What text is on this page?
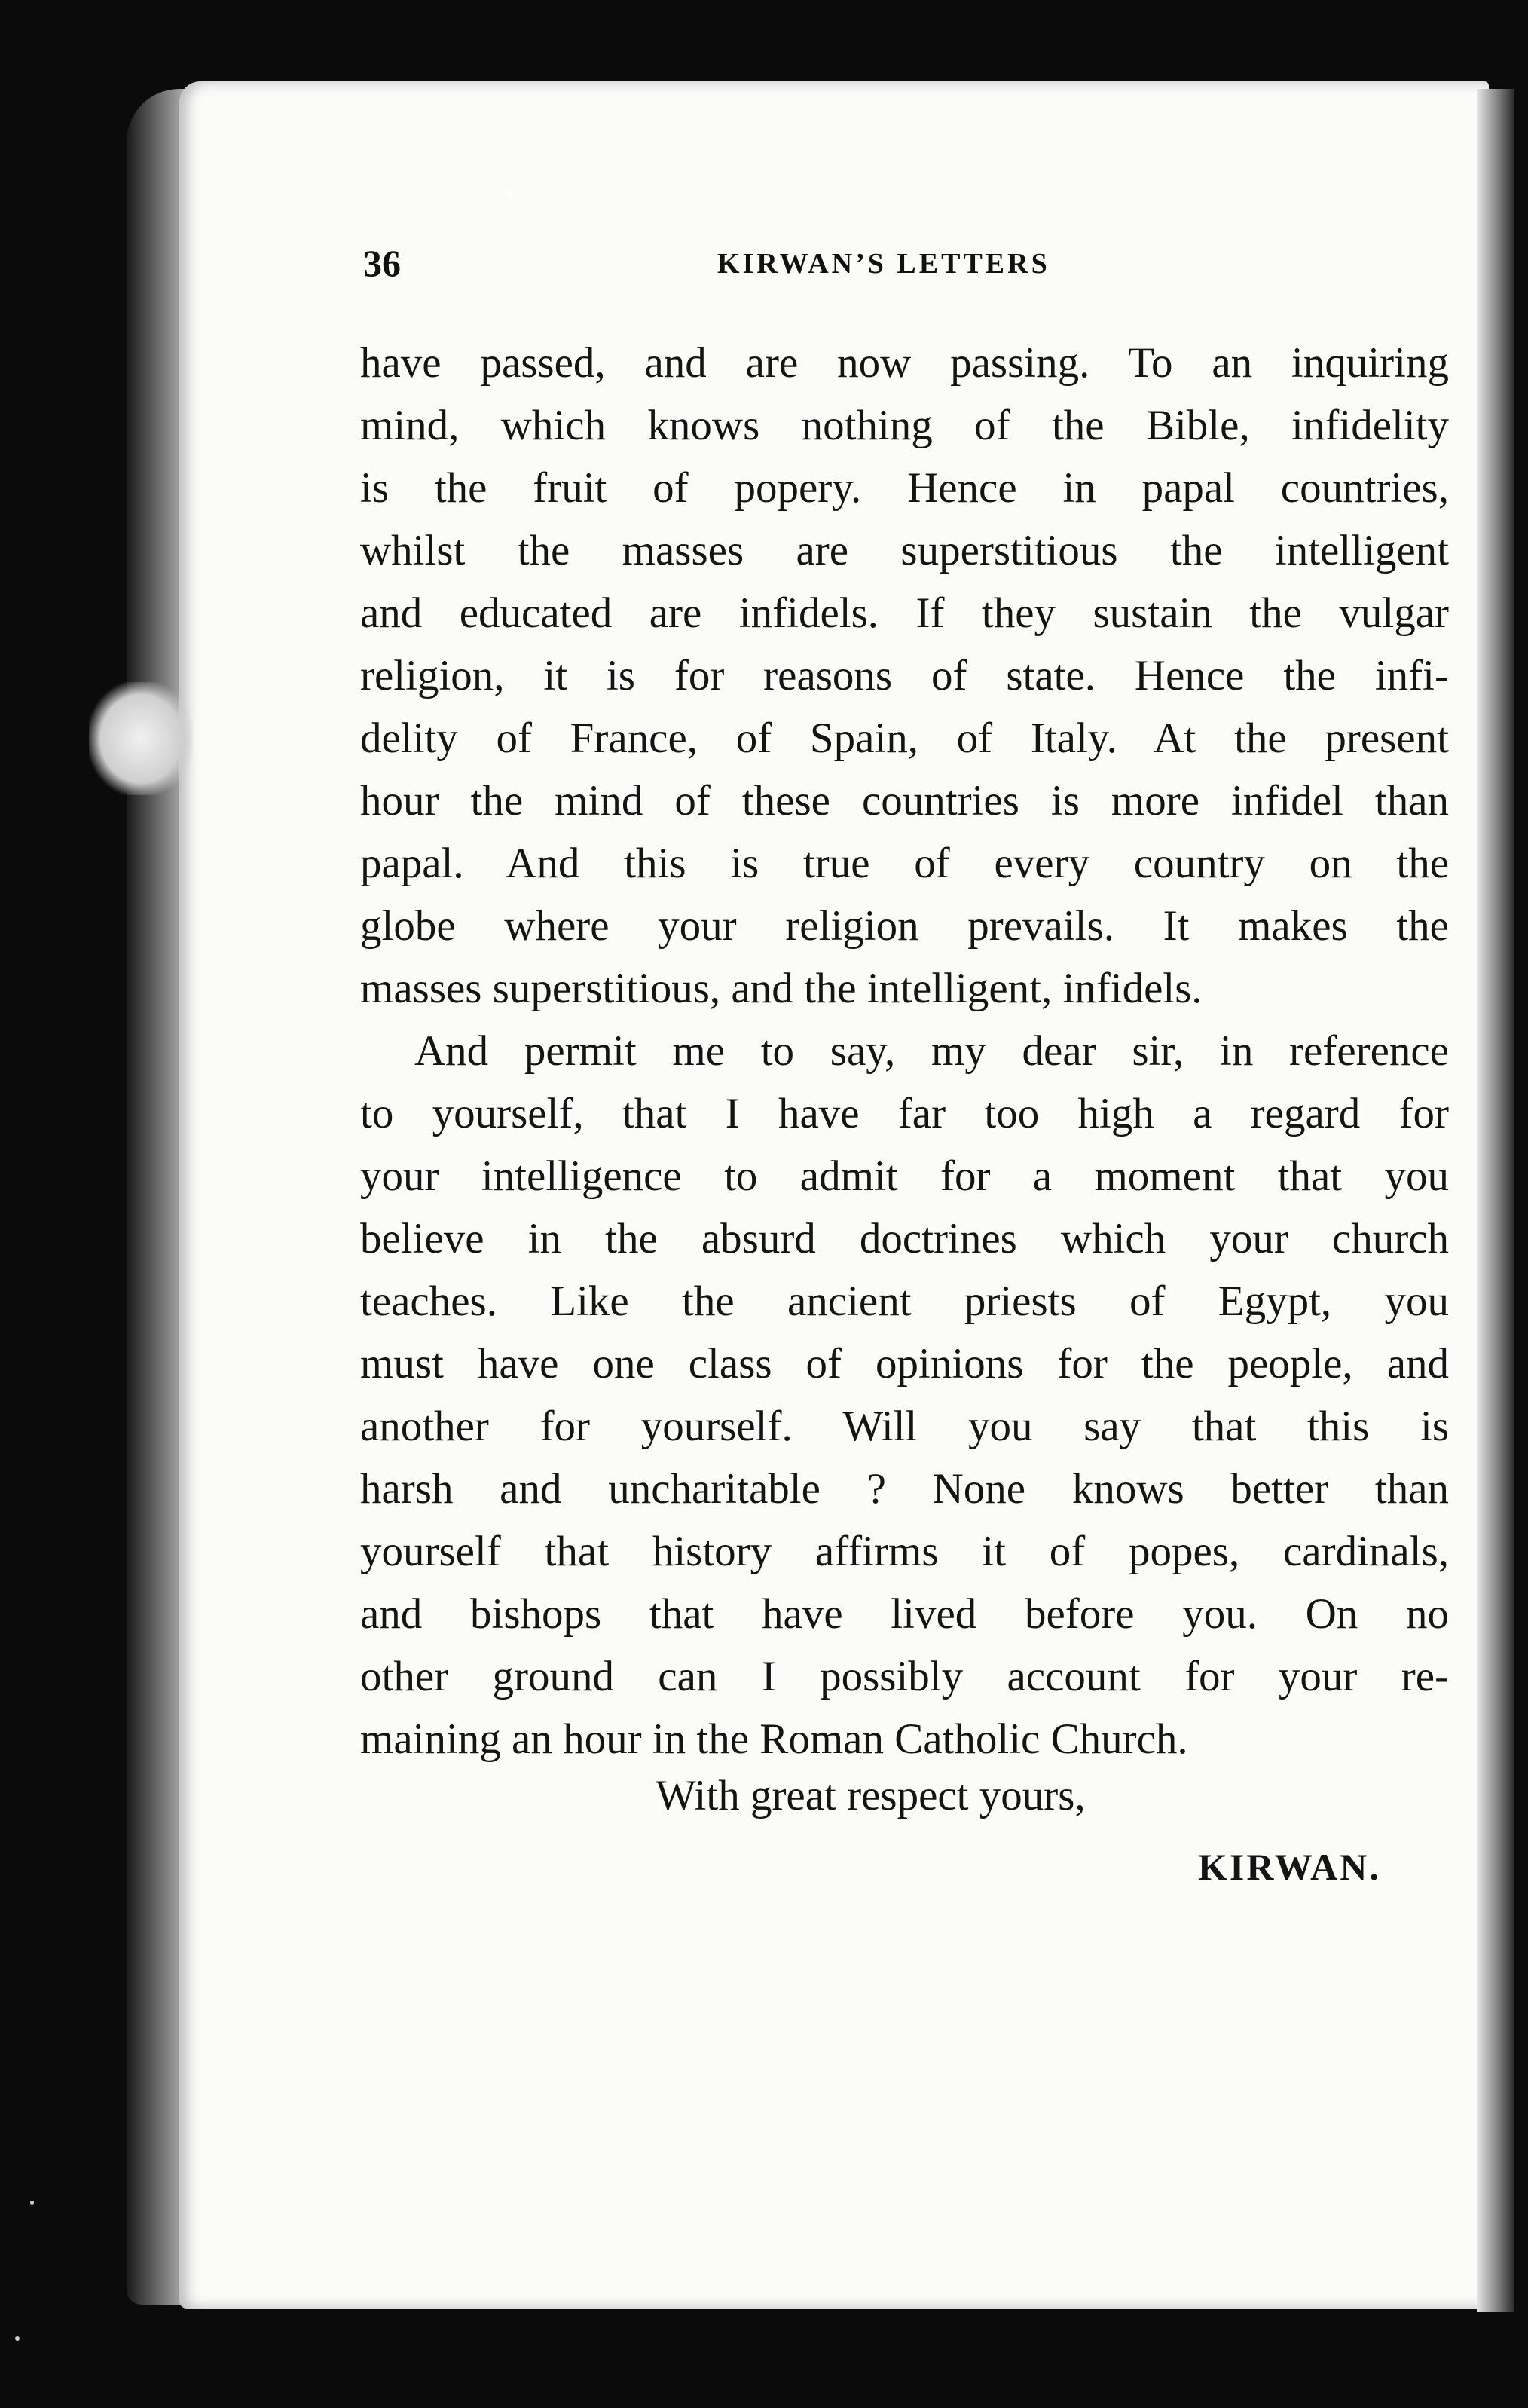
36	KIRWAN’S LETTERS
have passed, and are now passing. To an inquiring
mind, which knows nothing of the Bible, infidelity
is the fruit of popery. Hence in papal countries,
whilst the masses are superstitious the intelligent
and educated are infidels. If they sustain the vulgar
religion, it is for reasons of state. Hence the infi-
delity of France, of Spain, of Italy. At the present
hour the mind of these countries is more infidel than
papal. And this is true of every country on the
globe where your religion prevails. It makes the
masses superstitious, and the intelligent, infidels.
And permit me to say, my dear sir, in reference
to yourself, that I have far too high a regard for
your intelligence to admit for a moment that you
believe in the absurd doctrines which your church
teaches. Like the ancient priests of Egypt, you
must have one class of opinions for the people, and
another for yourself. Will you say that this is
harsh and uncharitable ? None knows better than
yourself that history affirms it of popes, cardinals,
and bishops that have lived before you. On no
other ground can I possibly account for your re-
maining an hour in the Roman Catholic Church.
With great respect yours,
KIRWAN.
